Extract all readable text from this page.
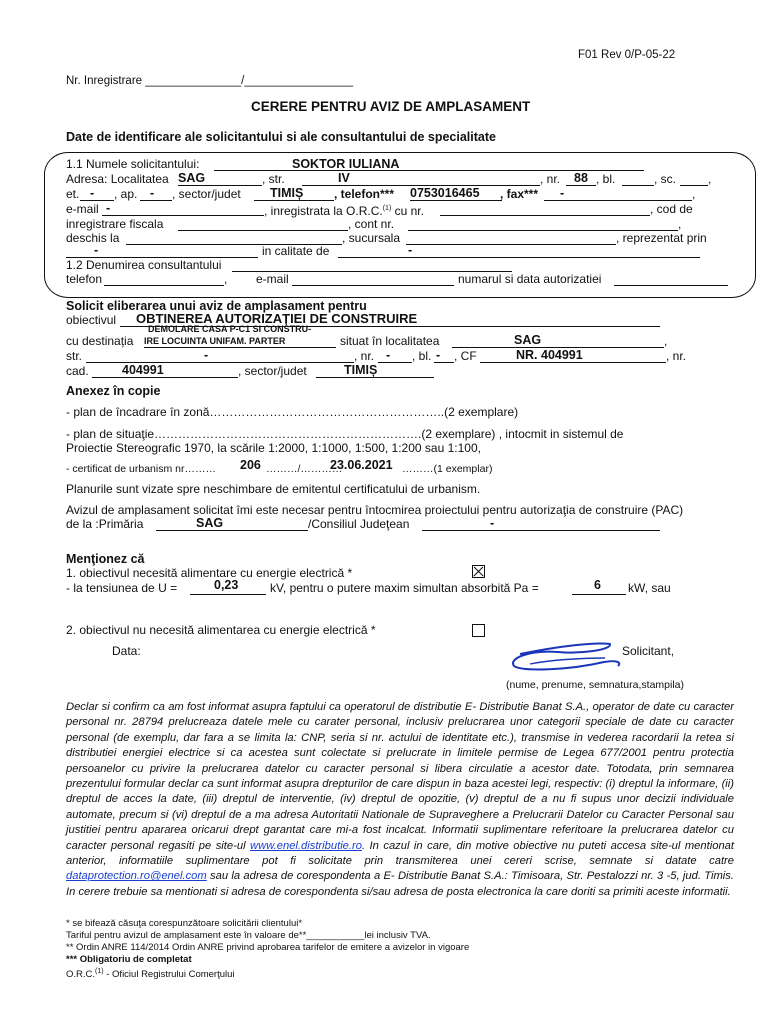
F01 Rev 0/P-05-22
Nr. Inregistrare _______________/_________________
CERERE PENTRU AVIZ DE AMPLASAMENT
Date de identificare ale solicitantului si ale consultantului de specialitate
1.1 Numele solicitantului:	SOKTOR IULIANA
Adresa: Localitatea SAG	, str.	IV	, nr. 88 , bl.	, sc.	,
et. - , ap. - , sector/judet TIMIȘ	, telefon*** 0753016465 , fax*** -	,
e-mail -	, inregistrata la O.R.C.$^{(1)}$ cu nr.	, cod de
inregistrare fiscala	, cont nr.	,
deschis la	, sucursala	, reprezentat prin
-	in calitate de	-
1.2 Denumirea consultantului
telefon	, e-mail	numarul si data autorizatiei
Solicit eliberarea unui aviz de amplasament pentru
obiectivul OBTINEREA AUTORIZAȚIEI DE CONSTRUIRE
cu destinația
DEMOLARE CASA P-C1 SI CONSTRU-
IRE LOCUINTA UNIFAM. PARTER	situat în localitatea	SAG	,
str.	-	, nr. - , bl. - , CF	NR. 404991	, nr.
cad.	404991	, sector/judet	TIMIȘ
Anexez în copie
- plan de încadrare în zonă…………………………………………………..(2 exemplare)
- plan de situaţie………………………………………………………….(2 exemplare) , intocmit in sistemul de
Proiectie Stereografic 1970, la scările 1:2000, 1:1000, 1:500, 1:200 sau 1:100,
- certificat de urbanism nr………	………/…………	………(1 exemplar)
206	23.06.2021
Planurile sunt vizate spre neschimbare de emitentul certificatului de urbanism.
Avizul de amplasament solicitat îmi este necesar pentru întocmirea proiectului pentru autorizaţia de construire (PAC)
de la :Primăria	SAG	/Consiliul Judeţean	-
Menţionez că
1. obiectivul necesită alimentare cu energie electrică *
- la tensiunea de U =	0,23	kV, pentru o putere maxim simultan absorbită Pa =	6 kW, sau
2. obiectivul nu necesită alimentarea cu energie electrică *
Data:	Solicitant,
(nume, prenume, semnatura,stampila)
Declar si confirm ca am fost informat asupra faptului ca operatorul de distributie E- Distributie Banat S.A., operator de date cu caracter personal nr. 28794 prelucreaza datele mele cu carater personal, inclusiv prelucrarea unor categorii speciale de date cu caracter personal (de exemplu, dar fara a se limita la: CNP, seria si nr. actului de identitate etc.), transmise in vederea racordarii la retea si distributiei energiei electrice si ca acestea sunt colectate si prelucrate in limitele permise de Legea 677/2001 pentru protectia persoanelor cu privire la prelucrarea datelor cu caracter personal si libera circulatie a acestor date. Totodata, prin semnarea prezentului formular declar ca sunt informat asupra drepturilor de care dispun in baza acestei legi, respectiv: (i) dreptul la informare, (ii) dreptul de acces la date, (iii) dreptul de interventie, (iv) dreptul de opozitie, (v) dreptul de a nu fi supus unor decizii individuale automate, precum si (vi) dreptul de a ma adresa Autoritatii Nationale de Supraveghere a Prelucrarii Datelor cu Caracter Personal sau justitiei pentru apararea oricarui drept garantat care mi-a fost incalcat. Informatii suplimentare referitoare la prelucrarea datelor cu caracter personal regasiti pe site-ul www.enel.distributie.ro. In cazul in care, din motive obiective nu puteti accesa site-ul mentionat anterior, informatiile suplimentare pot fi solicitate prin transmiterea unei cereri scrise, semnate si datate catre dataprotection.ro@enel.com sau la adresa de corespondenta a E- Distributie Banat S.A.: Timisoara, Str. Pestalozzi nr. 3 -5, jud. Timis. In cerere trebuie sa mentionati si adresa de corespondenta si/sau adresa de posta electronica la care doriti sa primiti aceste informatii.
* se bifează căsuţa corespunzătoare solicitării clientului*
Tariful pentru avizul de amplasament este în valoare de**___________lei inclusiv TVA.
** Ordin ANRE 114/2014 Ordin ANRE privind aprobarea tarifelor de emitere a avizelor in vigoare
*** Obligatoriu de completat
O.R.C.$^{(1)}$ - Oficiul Registrului Comerţului
